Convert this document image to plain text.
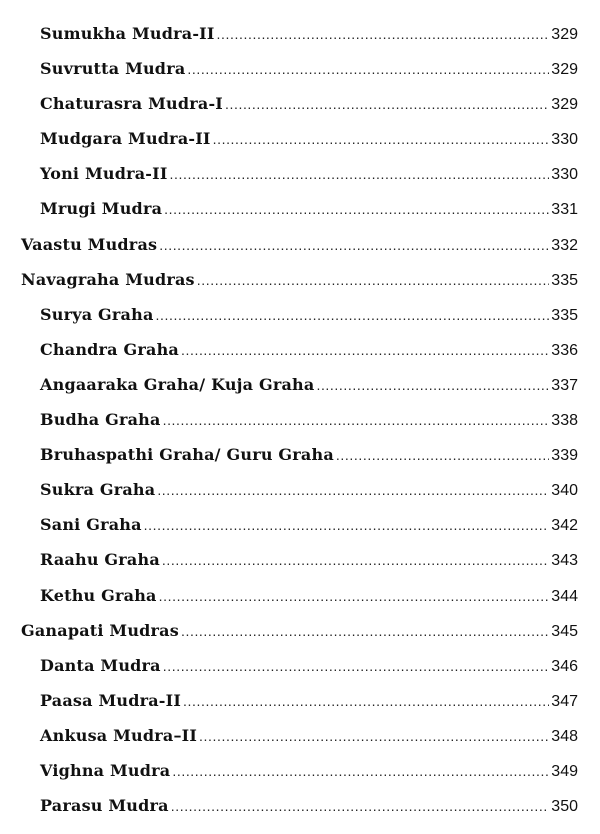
Sumukha Mudra-II .....	329
Suvrutta Mudra .....	329
Chaturasra Mudra-I .....	329
Mudgara Mudra-II .....	330
Yoni Mudra-II .....	330
Mrugi Mudra .....	331
Vaastu Mudras .....	332
Navagraha Mudras .....	335
Surya Graha .....	335
Chandra Graha .....	336
Angaaraka Graha/ Kuja Graha .....	337
Budha Graha .....	338
Bruhaspathi Graha/ Guru Graha .....	339
Sukra Graha .....	340
Sani Graha .....	342
Raahu Graha .....	343
Kethu Graha .....	344
Ganapati Mudras .....	345
Danta Mudra .....	346
Paasa Mudra-II .....	347
Ankusa Mudra–II .....	348
Vighna Mudra .....	349
Parasu Mudra .....	350
